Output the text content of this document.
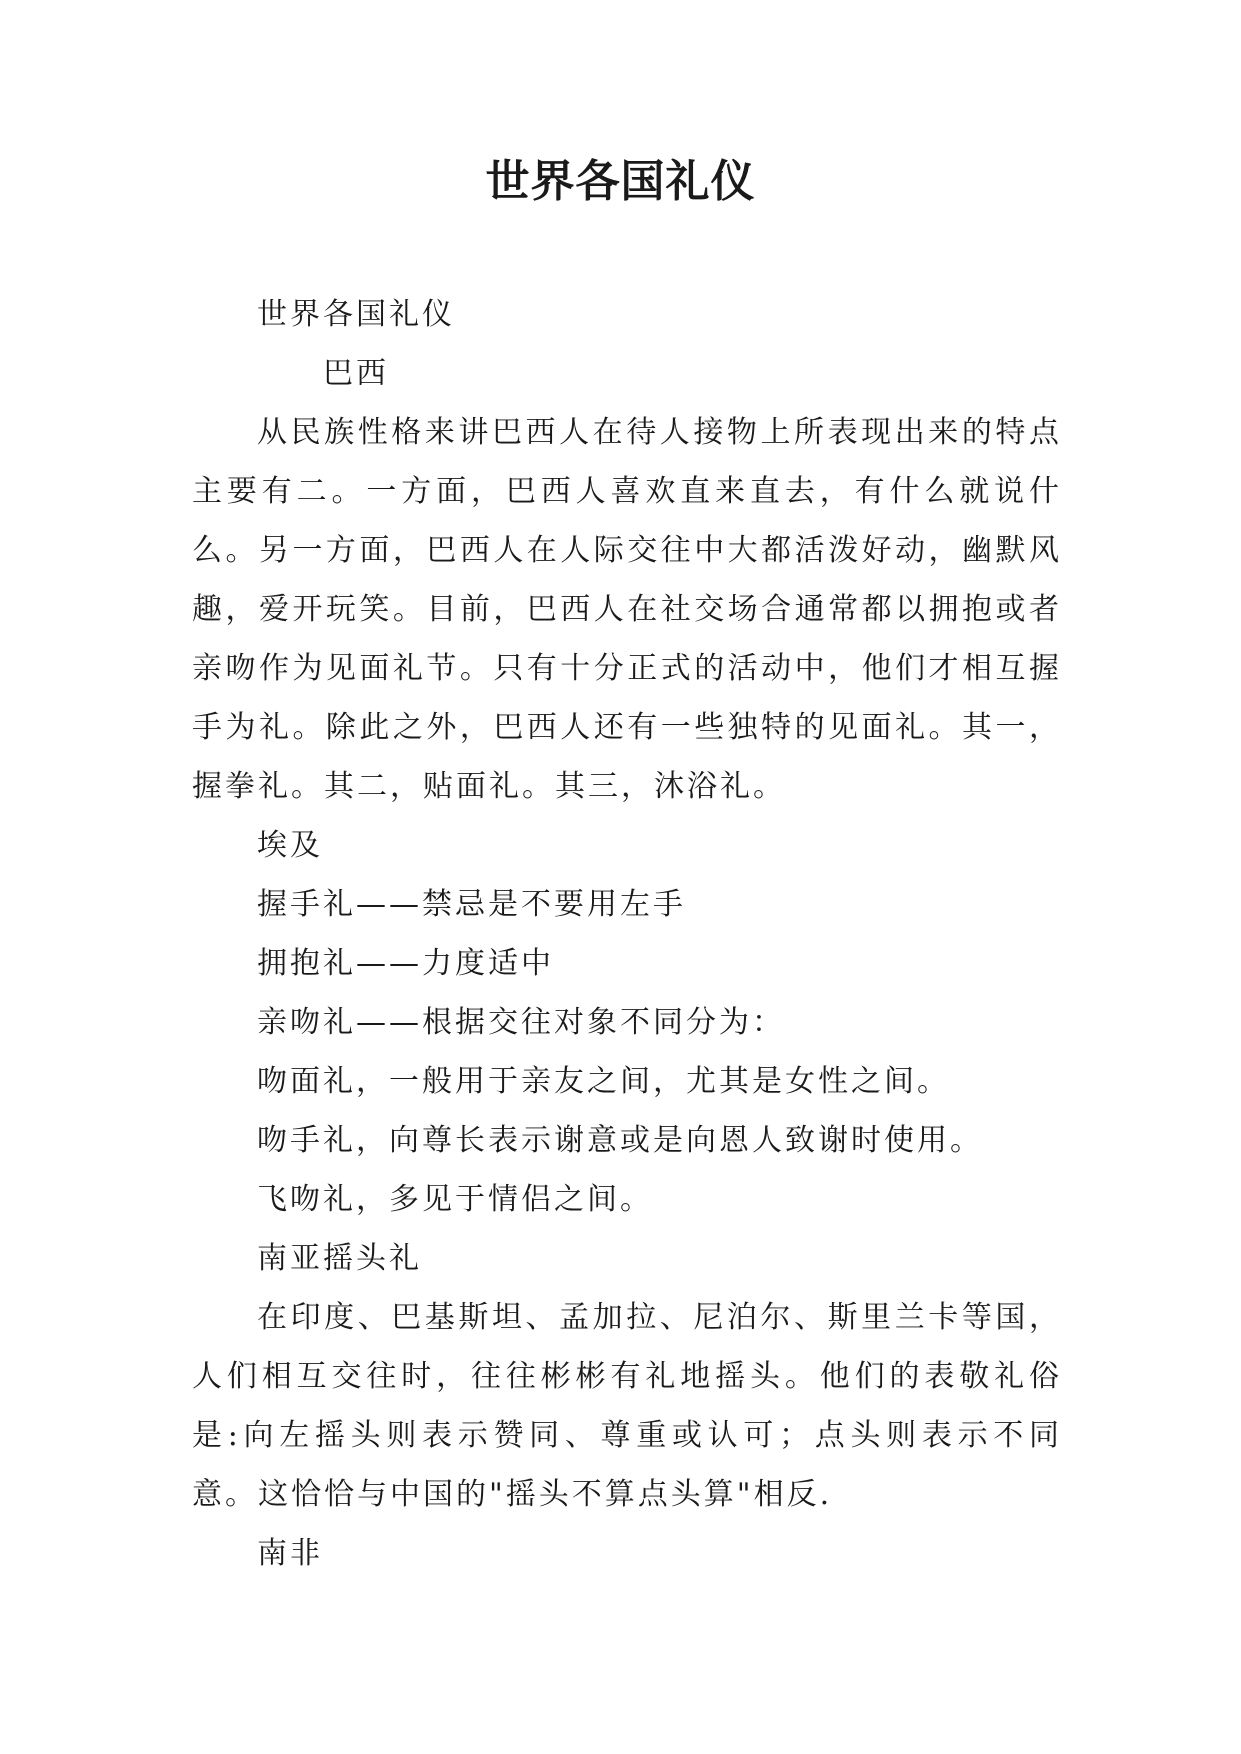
世界各国礼仪

世界各国礼仪

巴西

从民族性格来讲巴西人在待人接物上所表现出来的特点主要有二。一方面，巴西人喜欢直来直去，有什么就说什么。另一方面，巴西人在人际交往中大都活泼好动，幽默风趣，爱开玩笑。目前，巴西人在社交场合通常都以拥抱或者亲吻作为见面礼节。只有十分正式的活动中，他们才相互握手为礼。除此之外，巴西人还有一些独特的见面礼。其一，握拳礼。其二，贴面礼。其三，沐浴礼。

埃及

握手礼——禁忌是不要用左手

拥抱礼——力度适中

亲吻礼——根据交往对象不同分为：

吻面礼，一般用于亲友之间，尤其是女性之间。

吻手礼，向尊长表示谢意或是向恩人致谢时使用。

飞吻礼，多见于情侣之间。

南亚摇头礼

在印度、巴基斯坦、孟加拉、尼泊尔、斯里兰卡等国，人们相互交往时，往往彬彬有礼地摇头。他们的表敬礼俗是:向左摇头则表示赞同、尊重或认可；点头则表示不同意。这恰恰与中国的"摇头不算点头算"相反.

南非
